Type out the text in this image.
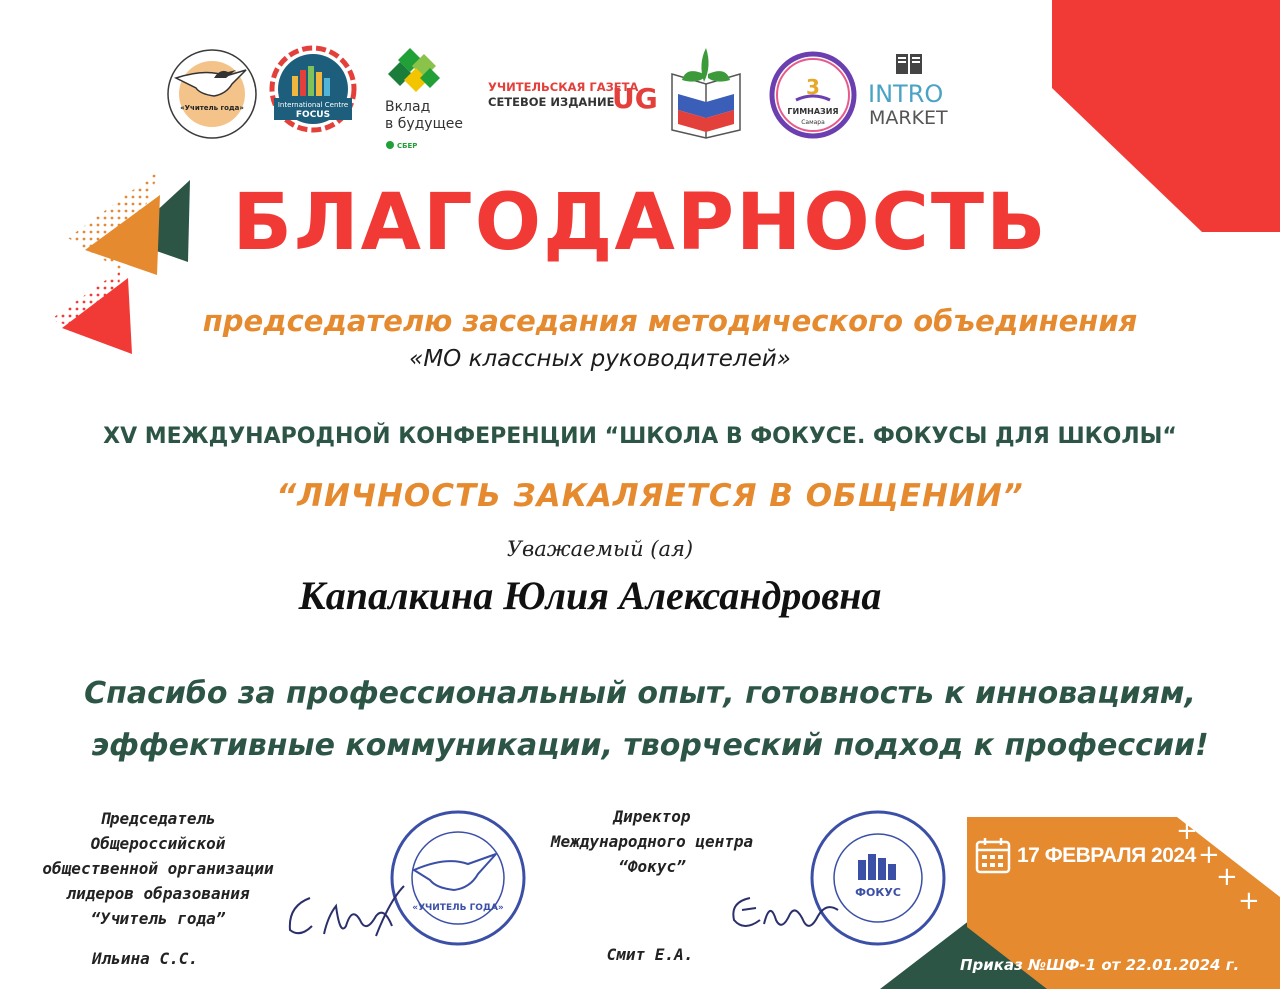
«Учитель года»	International Centre
FOCUS	Вклад
в будущее
СБЕР
УЧИТЕЛЬСКАЯ ГАЗЕТА
СЕТЕВОЕ ИЗДАНИЕ
UG	3
ГИМНАЗИЯ
Самара
INTRO
MARKET
БЛАГОДАРНОСТЬ
председателю заседания методического объединения
«МО классных руководителей»
XV МЕЖДУНАРОДНОЙ КОНФЕРЕНЦИИ “ШКОЛА В ФОКУСЕ. ФОКУСЫ ДЛЯ ШКОЛЫ“
“ЛИЧНОСТЬ ЗАКАЛЯЕТСЯ В ОБЩЕНИИ”
Уважаемый (ая)
Капалкина Юлия Александровна
Спасибо за профессиональный опыт, готовность к инновациям,
эффективные коммуникации, творческий подход к профессии!
Председатель
Общероссийской
общественной организации
лидеров образования
“Учитель года”
Ильина С.С.
«УЧИТЕЛЬ ГОДА»
Директор
Международного центра
“Фокус”
Смит Е.А.
ФОКУС
17 ФЕВРАЛЯ 2024
+
+
+
+
Приказ №ШФ-1 от 22.01.2024 г.
